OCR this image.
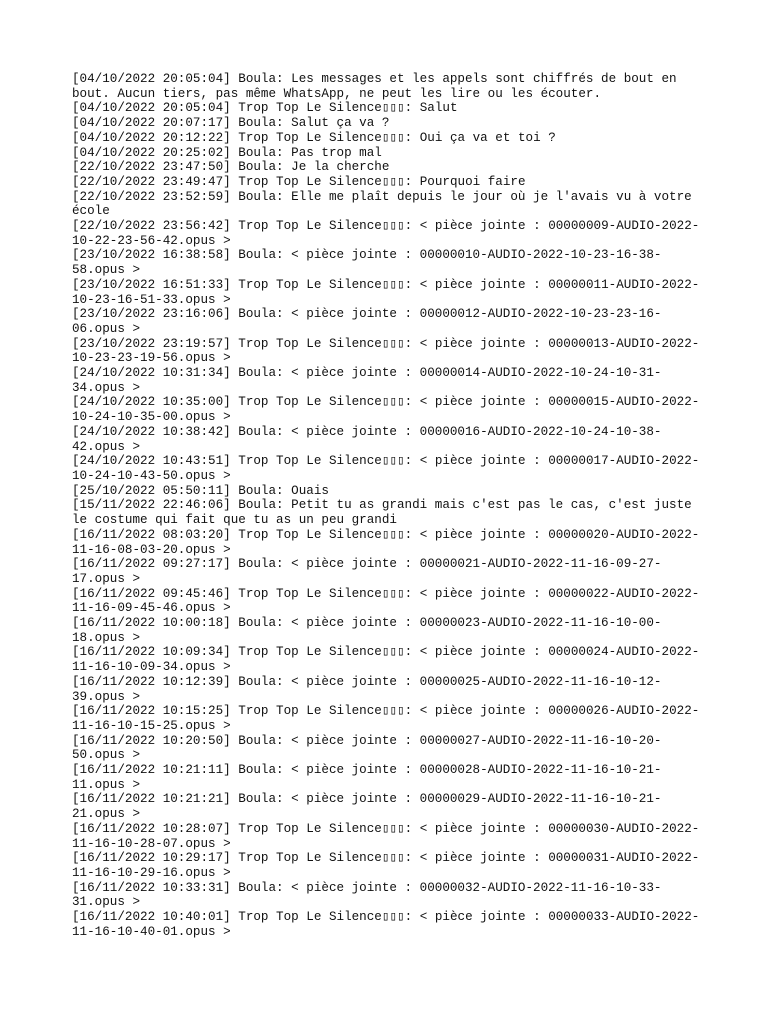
[04/10/2022 20:05:04] Boula: Les messages et les appels sont chiffrés de bout en

bout. Aucun tiers, pas même WhatsApp, ne peut les lire ou les écouter.

[04/10/2022 20:05:04] Trop Top Le Silence▯▯▯: Salut

[04/10/2022 20:07:17] Boula: Salut ça va ?

[04/10/2022 20:12:22] Trop Top Le Silence▯▯▯: Oui ça va et toi ?

[04/10/2022 20:25:02] Boula: Pas trop mal

[22/10/2022 23:47:50] Boula: Je la cherche

[22/10/2022 23:49:47] Trop Top Le Silence▯▯▯: Pourquoi faire

[22/10/2022 23:52:59] Boula: Elle me plaît depuis le jour où je l'avais vu à votre

école

[22/10/2022 23:56:42] Trop Top Le Silence▯▯▯: < pièce jointe : 00000009-AUDIO-2022-

10-22-23-56-42.opus >

[23/10/2022 16:38:58] Boula: < pièce jointe : 00000010-AUDIO-2022-10-23-16-38-

58.opus >

[23/10/2022 16:51:33] Trop Top Le Silence▯▯▯: < pièce jointe : 00000011-AUDIO-2022-

10-23-16-51-33.opus >

[23/10/2022 23:16:06] Boula: < pièce jointe : 00000012-AUDIO-2022-10-23-23-16-

06.opus >

[23/10/2022 23:19:57] Trop Top Le Silence▯▯▯: < pièce jointe : 00000013-AUDIO-2022-

10-23-23-19-56.opus >

[24/10/2022 10:31:34] Boula: < pièce jointe : 00000014-AUDIO-2022-10-24-10-31-

34.opus >

[24/10/2022 10:35:00] Trop Top Le Silence▯▯▯: < pièce jointe : 00000015-AUDIO-2022-

10-24-10-35-00.opus >

[24/10/2022 10:38:42] Boula: < pièce jointe : 00000016-AUDIO-2022-10-24-10-38-

42.opus >

[24/10/2022 10:43:51] Trop Top Le Silence▯▯▯: < pièce jointe : 00000017-AUDIO-2022-

10-24-10-43-50.opus >

[25/10/2022 05:50:11] Boula: Ouais

[15/11/2022 22:46:06] Boula: Petit tu as grandi mais c'est pas le cas, c'est juste

le costume qui fait que tu as un peu grandi

[16/11/2022 08:03:20] Trop Top Le Silence▯▯▯: < pièce jointe : 00000020-AUDIO-2022-

11-16-08-03-20.opus >

[16/11/2022 09:27:17] Boula: < pièce jointe : 00000021-AUDIO-2022-11-16-09-27-

17.opus >

[16/11/2022 09:45:46] Trop Top Le Silence▯▯▯: < pièce jointe : 00000022-AUDIO-2022-

11-16-09-45-46.opus >

[16/11/2022 10:00:18] Boula: < pièce jointe : 00000023-AUDIO-2022-11-16-10-00-

18.opus >

[16/11/2022 10:09:34] Trop Top Le Silence▯▯▯: < pièce jointe : 00000024-AUDIO-2022-

11-16-10-09-34.opus >

[16/11/2022 10:12:39] Boula: < pièce jointe : 00000025-AUDIO-2022-11-16-10-12-

39.opus >

[16/11/2022 10:15:25] Trop Top Le Silence▯▯▯: < pièce jointe : 00000026-AUDIO-2022-

11-16-10-15-25.opus >

[16/11/2022 10:20:50] Boula: < pièce jointe : 00000027-AUDIO-2022-11-16-10-20-

50.opus >

[16/11/2022 10:21:11] Boula: < pièce jointe : 00000028-AUDIO-2022-11-16-10-21-

11.opus >

[16/11/2022 10:21:21] Boula: < pièce jointe : 00000029-AUDIO-2022-11-16-10-21-

21.opus >

[16/11/2022 10:28:07] Trop Top Le Silence▯▯▯: < pièce jointe : 00000030-AUDIO-2022-

11-16-10-28-07.opus >

[16/11/2022 10:29:17] Trop Top Le Silence▯▯▯: < pièce jointe : 00000031-AUDIO-2022-

11-16-10-29-16.opus >

[16/11/2022 10:33:31] Boula: < pièce jointe : 00000032-AUDIO-2022-11-16-10-33-

31.opus >

[16/11/2022 10:40:01] Trop Top Le Silence▯▯▯: < pièce jointe : 00000033-AUDIO-2022-

11-16-10-40-01.opus >
